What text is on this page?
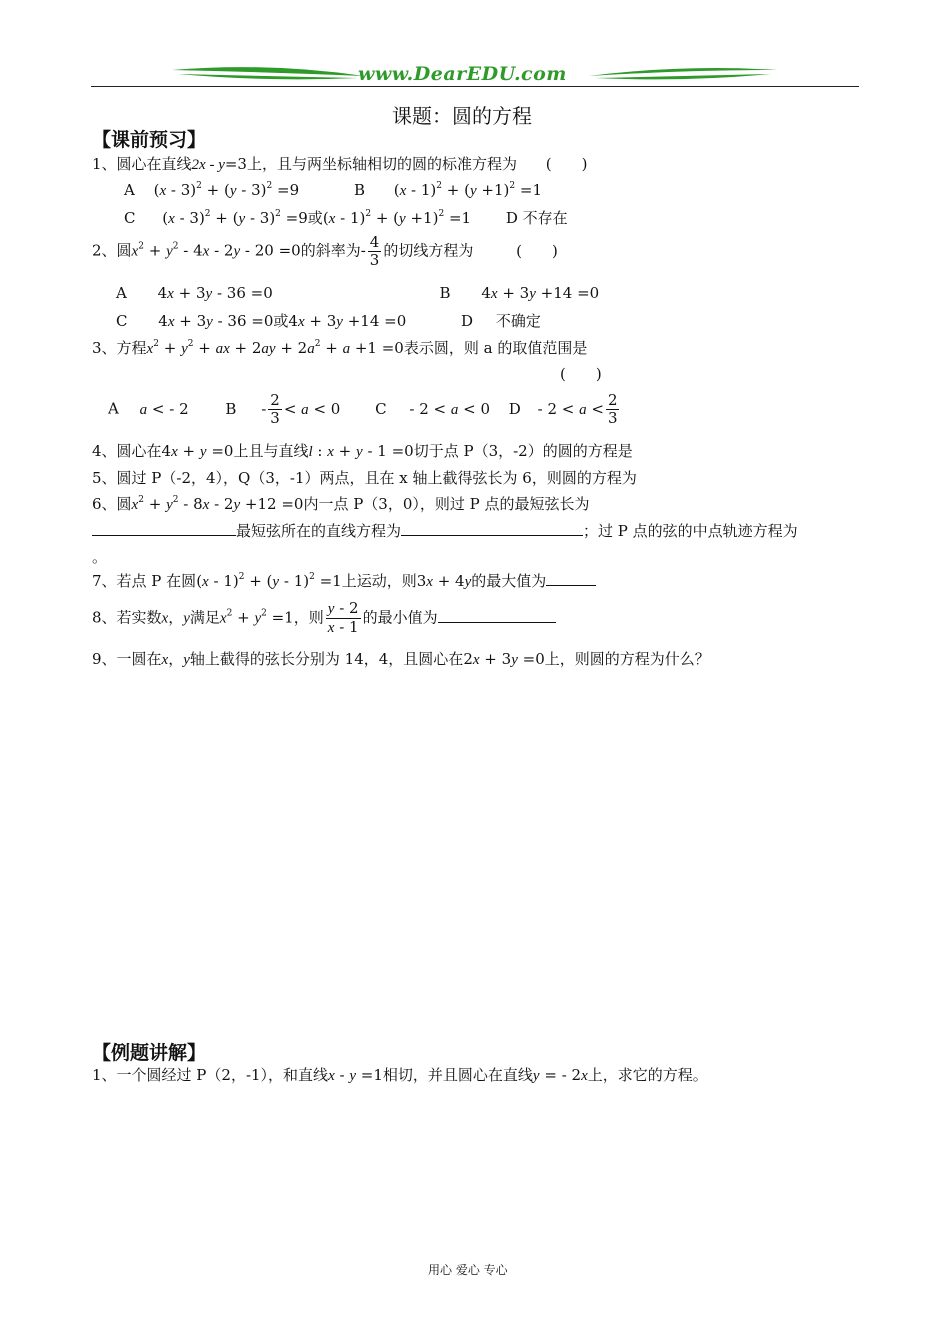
www.DearEDU.com
课题：圆的方程
【课前预习】
1、圆心在直线2x - y=3上，且与两坐标轴相切的圆的标准方程为 (　　)
A (x - 3)$^2$ + (y - 3)$^2$ =9	B $(x - 1)^2 + (y +1)^2 =1$
C (x - 3)$^2$ + (y - 3)$^2$ =9或$(x - 1)^2 + (y +1)^2 =1$ D 不存在
2、圆$x^2 + y^2 - 4x - 2y - 20 =0$的斜率为- $\frac{4}{3}$ 的切线方程为	(　　)
A 4x + 3y - 36 =0	B 4x + 3y +14 =0
C 4x + 3y - 36 =0或4x + 3y +14 =0	D 不确定
3、方程$x^2 + y^2$ + ax + $2ay + 2a^2 + a +1 =0$表示圆，则 a 的取值范围是
(　　)
A a < - 2 $B - \frac{2}{3} < a < 0$ C - 2 < a < 0 $D - 2 < a < \frac{2}{3}$
4、圆心在4x + y =0上且与直线l : x + y - 1 =0切于点 P（3，-2）的圆的方程是
5、圆过 P（-2，4），Q（3，-1）两点，且在 x 轴上截得弦长为 6，则圆的方程为
6、圆$x^2 + y^2 - 8x - 2y +12 =0$内一点 P（3，0），则过 P 点的最短弦长为
最短弦所在的直线方程为	；过 P 点的弦的中点轨迹方程为
。
7、若点 P 在圆(x - 1)$^2$ + (y - 1)$^2$ =1上运动，则3x + 4y的最大值为
8、若实数x，y满足$x^2 + y^2 =1$，则 $\frac{y - 2}{x - 1}$ 的最小值为
9、一圆在x，y轴上截得的弦长分别为 14，4，且圆心在2x + 3y =0上，则圆的方程为什么？
【例题讲解】
1、一个圆经过 P（2，-1），和直线x - y =1相切，并且圆心在直线y = - 2x上，求它的方程。
用心 爱心 专心
